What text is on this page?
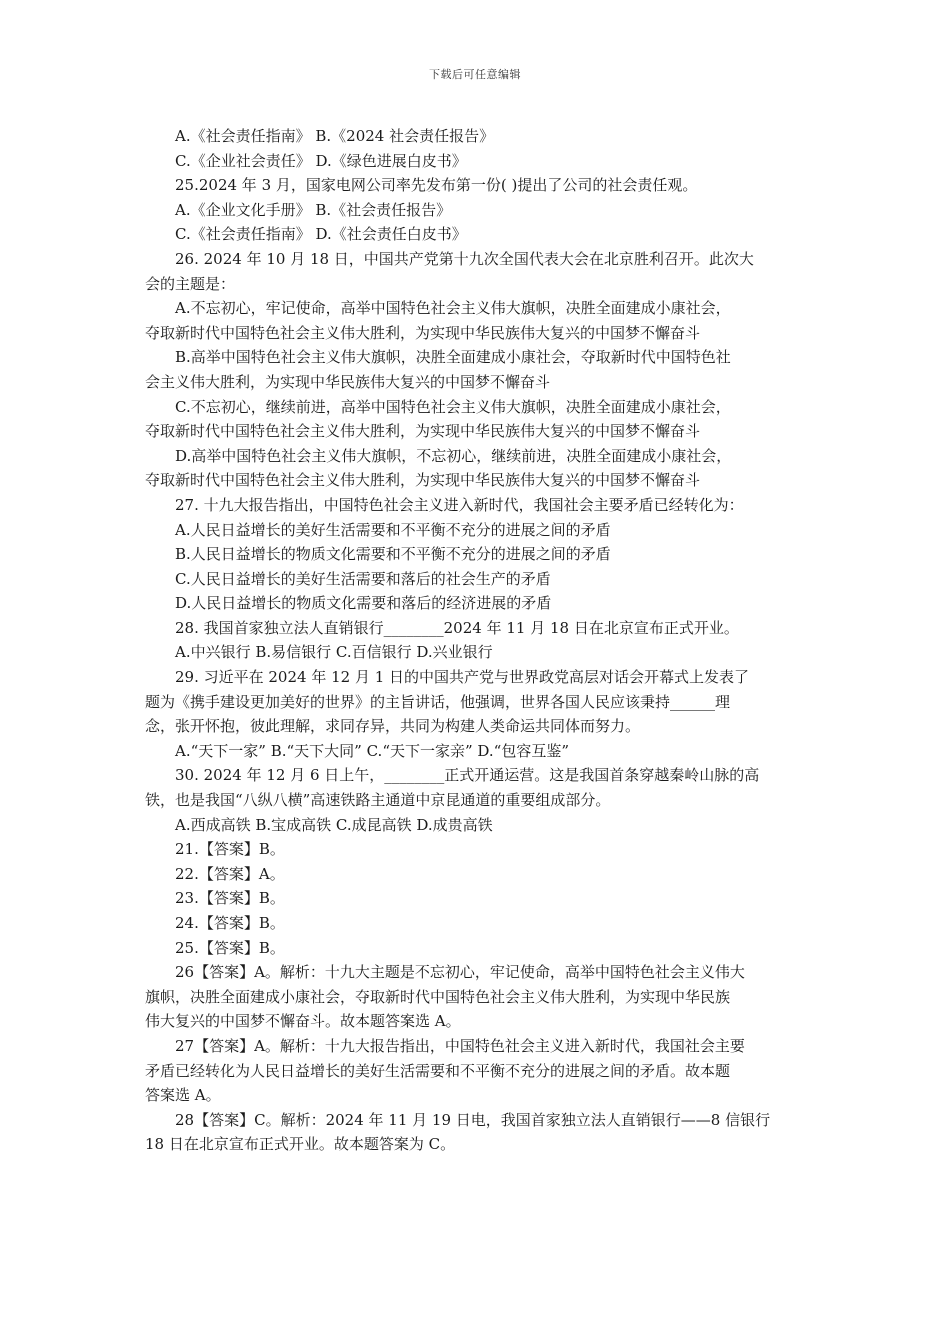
下载后可任意编辑
A.《社会责任指南》 B.《2024 社会责任报告》
C.《企业社会责任》 D.《绿色进展白皮书》
25.2024 年 3 月，国家电网公司率先发布第一份( )提出了公司的社会责任观。
A.《企业文化手册》 B.《社会责任报告》
C.《社会责任指南》 D.《社会责任白皮书》
26. 2024 年 10 月 18 日，中国共产党第十九次全国代表大会在北京胜利召开。此次大
会的主题是：
A.不忘初心，牢记使命，高举中国特色社会主义伟大旗帜，决胜全面建成小康社会，
夺取新时代中国特色社会主义伟大胜利，为实现中华民族伟大复兴的中国梦不懈奋斗
B.高举中国特色社会主义伟大旗帜，决胜全面建成小康社会，夺取新时代中国特色社
会主义伟大胜利，为实现中华民族伟大复兴的中国梦不懈奋斗
C.不忘初心，继续前进，高举中国特色社会主义伟大旗帜，决胜全面建成小康社会，
夺取新时代中国特色社会主义伟大胜利，为实现中华民族伟大复兴的中国梦不懈奋斗
D.高举中国特色社会主义伟大旗帜，不忘初心，继续前进，决胜全面建成小康社会，
夺取新时代中国特色社会主义伟大胜利，为实现中华民族伟大复兴的中国梦不懈奋斗
27. 十九大报告指出，中国特色社会主义进入新时代，我国社会主要矛盾已经转化为：
A.人民日益增长的美好生活需要和不平衡不充分的进展之间的矛盾
B.人民日益增长的物质文化需要和不平衡不充分的进展之间的矛盾
C.人民日益增长的美好生活需要和落后的社会生产的矛盾
D.人民日益增长的物质文化需要和落后的经济进展的矛盾
28. 我国首家独立法人直销银行________2024 年 11 月 18 日在北京宣布正式开业。
A.中兴银行 B.易信银行 C.百信银行 D.兴业银行
29. 习近平在 2024 年 12 月 1 日的中国共产党与世界政党高层对话会开幕式上发表了
题为《携手建设更加美好的世界》的主旨讲话，他强调，世界各国人民应该秉持______理
念，张开怀抱，彼此理解，求同存异，共同为构建人类命运共同体而努力。
A.“天下一家” B.“天下大同” C.“天下一家亲” D.“包容互鉴”
30. 2024 年 12 月 6 日上午，________正式开通运营。这是我国首条穿越秦岭山脉的高
铁，也是我国“八纵八横”高速铁路主通道中京昆通道的重要组成部分。
A.西成高铁 B.宝成高铁 C.成昆高铁 D.成贵高铁
21.【答案】B。
22.【答案】A。
23.【答案】B。
24.【答案】B。
25.【答案】B。
26【答案】A。解析：十九大主题是不忘初心，牢记使命，高举中国特色社会主义伟大
旗帜，决胜全面建成小康社会，夺取新时代中国特色社会主义伟大胜利，为实现中华民族
伟大复兴的中国梦不懈奋斗。故本题答案选 A。
27【答案】A。解析：十九大报告指出，中国特色社会主义进入新时代，我国社会主要
矛盾已经转化为人民日益增长的美好生活需要和不平衡不充分的进展之间的矛盾。故本题
答案选 A。
28【答案】C。解析：2024 年 11 月 19 日电，我国首家独立法人直销银行——8 信银行
18 日在北京宣布正式开业。故本题答案为 C。
